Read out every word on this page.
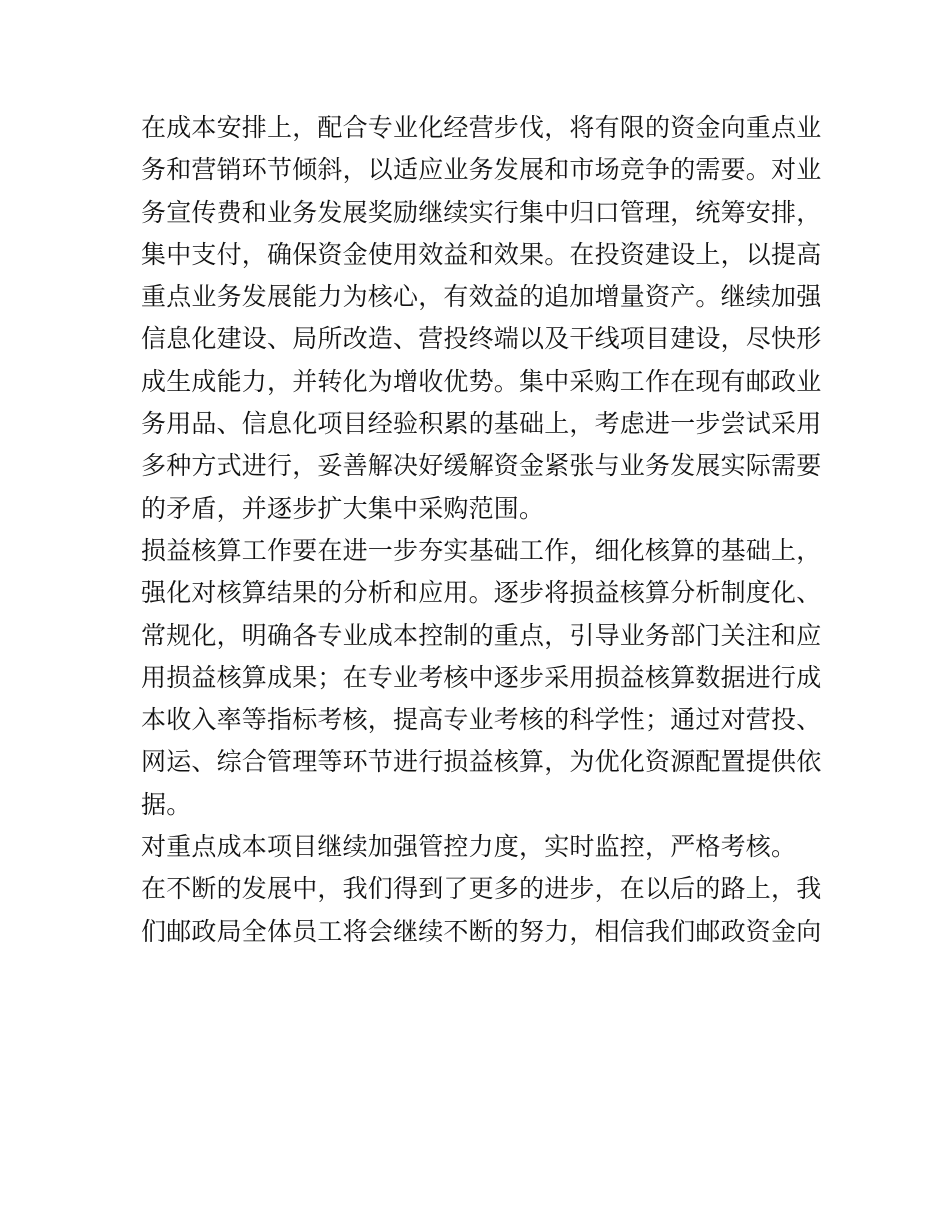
在成本安排上，配合专业化经营步伐，将有限的资金向重点业
务和营销环节倾斜，以适应业务发展和市场竞争的需要。对业
务宣传费和业务发展奖励继续实行集中归口管理，统筹安排，
集中支付，确保资金使用效益和效果。在投资建设上，以提高
重点业务发展能力为核心，有效益的追加增量资产。继续加强
信息化建设、局所改造、营投终端以及干线项目建设，尽快形
成生成能力，并转化为增收优势。集中采购工作在现有邮政业
务用品、信息化项目经验积累的基础上，考虑进一步尝试采用
多种方式进行，妥善解决好缓解资金紧张与业务发展实际需要
的矛盾，并逐步扩大集中采购范围。
损益核算工作要在进一步夯实基础工作，细化核算的基础上，
强化对核算结果的分析和应用。逐步将损益核算分析制度化、
常规化，明确各专业成本控制的重点，引导业务部门关注和应
用损益核算成果；在专业考核中逐步采用损益核算数据进行成
本收入率等指标考核，提高专业考核的科学性；通过对营投、
网运、综合管理等环节进行损益核算，为优化资源配置提供依
据。
对重点成本项目继续加强管控力度，实时监控，严格考核。
在不断的发展中，我们得到了更多的进步，在以后的路上，我
们邮政局全体员工将会继续不断的努力，相信我们邮政资金向
